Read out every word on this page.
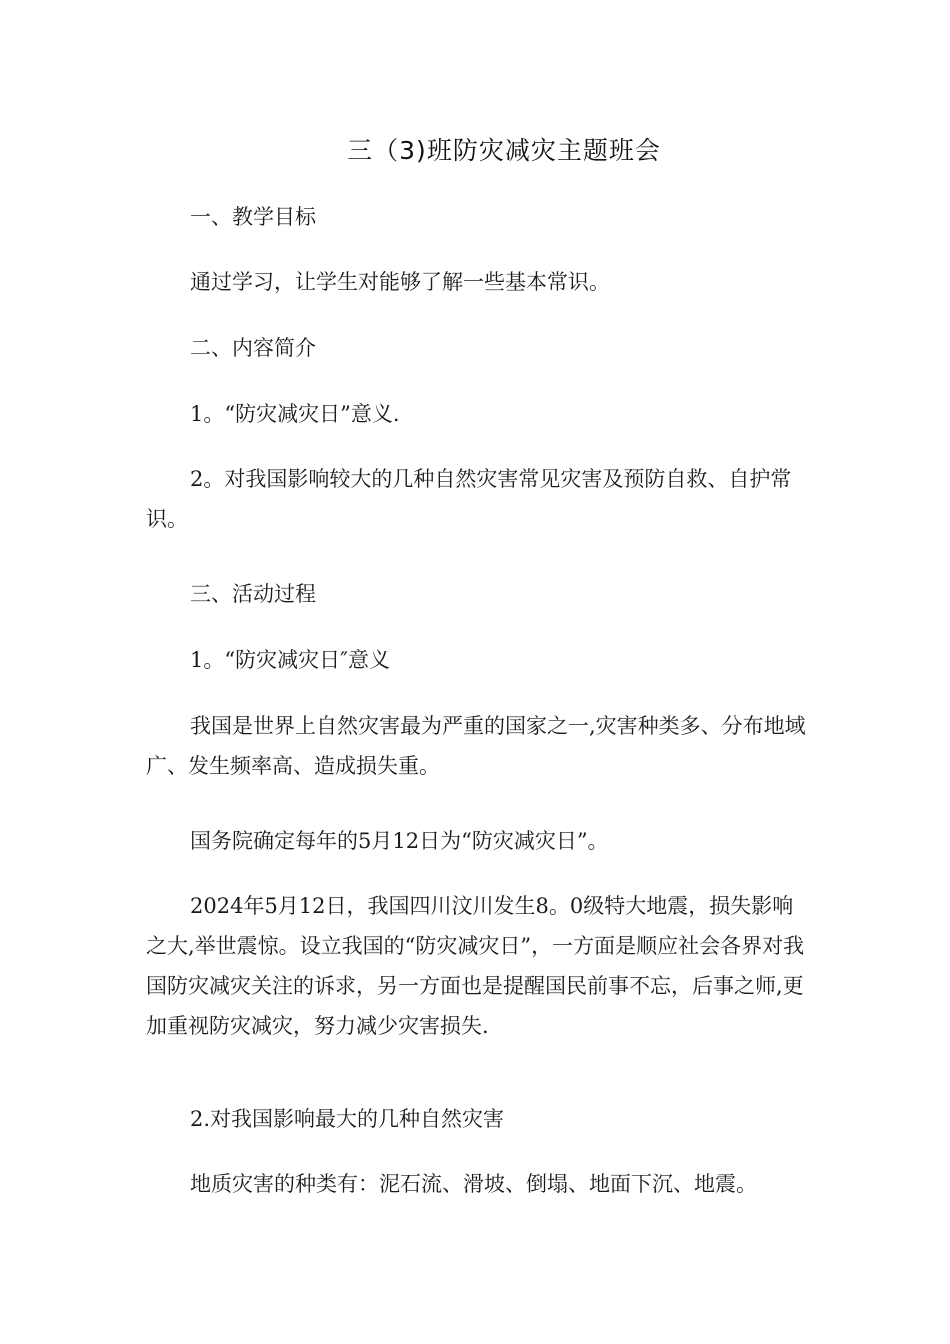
三（3)班防灾减灾主题班会

一、教学目标

通过学习，让学生对能够了解一些基本常识。

二、内容简介

1。“防灾减灾日”意义.

2。对我国影响较大的几种自然灾害常见灾害及预防自救、自护常识。

三、活动过程

1。“防灾减灾日″意义

我国是世界上自然灾害最为严重的国家之一,灾害种类多、分布地域广、发生频率高、造成损失重。

国务院确定每年的5月12日为“防灾减灾日”。

2024年5月12日，我国四川汶川发生8。0级特大地震，损失影响之大,举世震惊。设立我国的“防灾减灾日”，一方面是顺应社会各界对我国防灾减灾关注的诉求，另一方面也是提醒国民前事不忘，后事之师,更加重视防灾减灾，努力减少灾害损失.

2.对我国影响最大的几种自然灾害

地质灾害的种类有：泥石流、滑坡、倒塌、地面下沉、地震。
